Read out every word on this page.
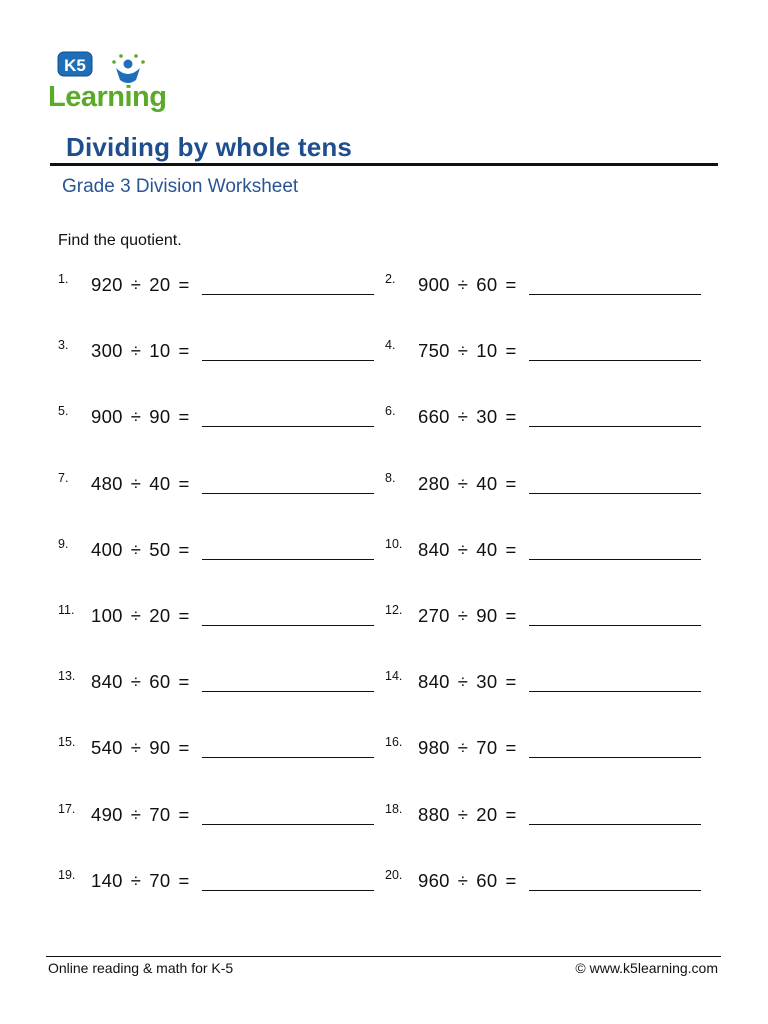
K5
Learning
Dividing by whole tens
Grade 3 Division Worksheet
Find the quotient.
1. 920 ÷ 20 =	2. 900 ÷ 60 =
3. 300 ÷ 10 =	4. 750 ÷ 10 =
5. 900 ÷ 90 =	6. 660 ÷ 30 =
7. 480 ÷ 40 =	8. 280 ÷ 40 =
9. 400 ÷ 50 =	10. 840 ÷ 40 =
11. 100 ÷ 20 =	12. 270 ÷ 90 =
13. 840 ÷ 60 =	14. 840 ÷ 30 =
15. 540 ÷ 90 =	16. 980 ÷ 70 =
17. 490 ÷ 70 =	18. 880 ÷ 20 =
19. 140 ÷ 70 =	20. 960 ÷ 60 =
Online reading & math for K-5	© www.k5learning.com
